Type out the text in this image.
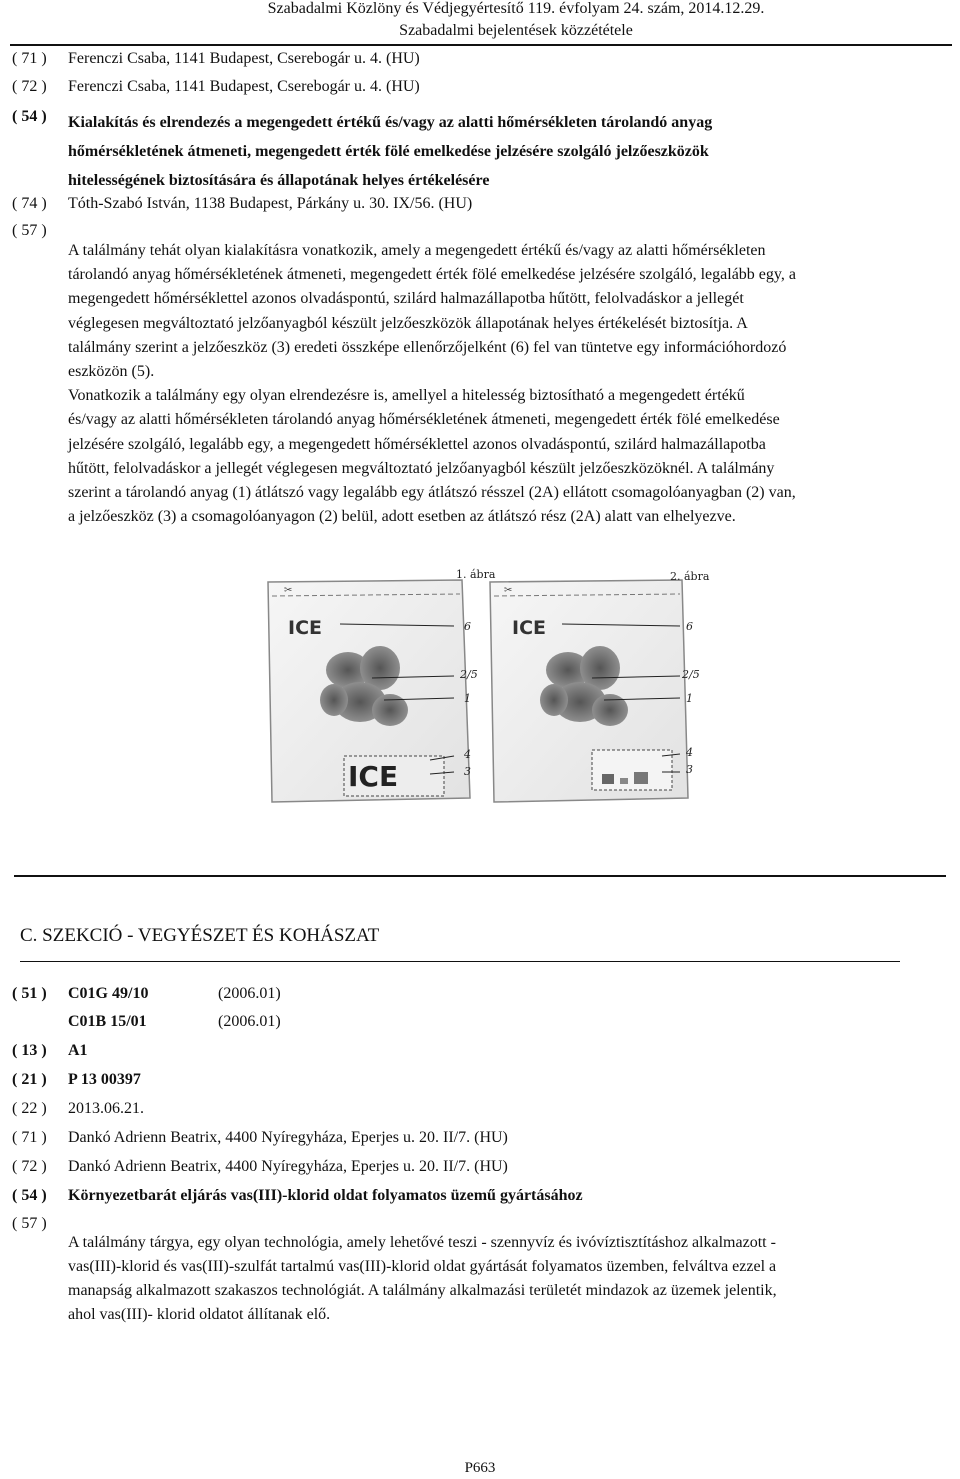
Szabadalmi Közlöny és Védjegyértesítő 119. évfolyam 24. szám, 2014.12.29.
Szabadalmi bejelentések közzététele
( 71 ) Ferenczi Csaba, 1141 Budapest, Cserebogár u. 4. (HU)
( 72 ) Ferenczi Csaba, 1141 Budapest, Cserebogár u. 4. (HU)
( 54 ) Kialakítás és elrendezés a megengedett értékű és/vagy az alatti hőmérsékleten tárolandó anyag
hőmérsékletének átmeneti, megengedett érték fölé emelkedése jelzésére szolgáló jelzőeszközök
hitelességének biztosítására és állapotának helyes értékelésére
( 74 ) Tóth-Szabó István, 1138 Budapest, Párkány u. 30. IX/56. (HU)
( 57 )
A találmány tehát olyan kialakításra vonatkozik, amely a megengedett értékű és/vagy az alatti hőmérsékleten
tárolandó anyag hőmérsékletének átmeneti, megengedett érték fölé emelkedése jelzésére szolgáló, legalább egy, a
megengedett hőmérséklettel azonos olvadáspontú, szilárd halmazállapotba hűtött, felolvadáskor a jellegét
véglegesen megváltoztató jelzőanyagból készült jelzőeszközök állapotának helyes értékelését biztosítja. A
találmány szerint a jelzőeszköz (3) eredeti összképe ellenőrzőjelként (6) fel van tüntetve egy információhordozó
eszközön (5).
Vonatkozik a találmány egy olyan elrendezésre is, amellyel a hitelesség biztosítható a megengedett értékű
és/vagy az alatti hőmérsékleten tárolandó anyag hőmérsékletének átmeneti, megengedett érték fölé emelkedése
jelzésére szolgáló, legalább egy, a megengedett hőmérséklettel azonos olvadáspontú, szilárd halmazállapotba
hűtött, felolvadáskor a jellegét véglegesen megváltoztató jelzőanyagból készült jelzőeszközöknél. A találmány
szerint a tárolandó anyag (1) átlátszó vagy legalább egy átlátszó résszel (2A) ellátott csomagolóanyagban (2) van,
a jelzőeszköz (3) a csomagolóanyagon (2) belül, adott esetben az átlátszó rész (2A) alatt van elhelyezve.
✂
ICE
ICE
1. ábra
6
2/5
1
4
3
✂
ICE
2. ábra
6
2/5
1
4
3
C. SZEKCIÓ - VEGYÉSZET ÉS KOHÁSZAT
( 51 ) C01G 49/10	(2006.01)
C01B 15/01	(2006.01)
( 13 ) A1
( 21 ) P 13 00397
( 22 ) 2013.06.21.
( 71 ) Dankó Adrienn Beatrix, 4400 Nyíregyháza, Eperjes u. 20. II/7. (HU)
( 72 ) Dankó Adrienn Beatrix, 4400 Nyíregyháza, Eperjes u. 20. II/7. (HU)
( 54 ) Környezetbarát eljárás vas(III)-klorid oldat folyamatos üzemű gyártásához
( 57 )
A találmány tárgya, egy olyan technológia, amely lehetővé teszi - szennyvíz és ivóvíztisztításhoz alkalmazott -
vas(III)-klorid és vas(III)-szulfát tartalmú vas(III)-klorid oldat gyártását folyamatos üzemben, felváltva ezzel a
manapság alkalmazott szakaszos technológiát. A találmány alkalmazási területét mindazok az üzemek jelentik,
ahol vas(III)- klorid oldatot állítanak elő.
P663
